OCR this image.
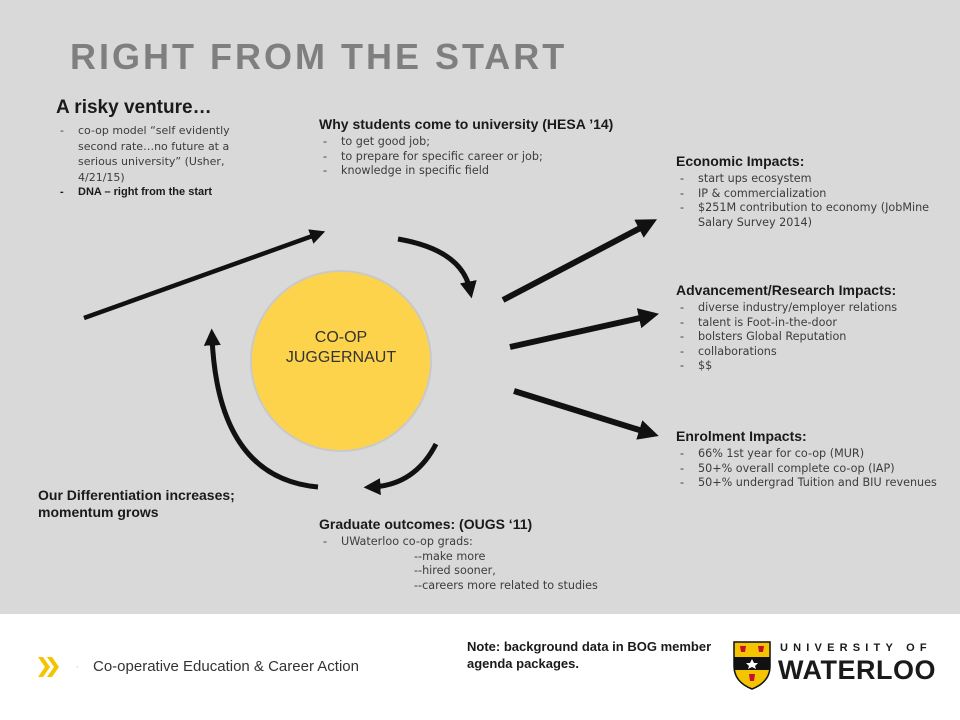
RIGHT FROM THE START
A risky venture…
- co-op model “self evidently second rate…no future at a serious university” (Usher, 4/21/15)
- DNA – right from the start
Why students come to university (HESA ’14)
- to get good job;
- to prepare for specific career or job;
- knowledge in specific field
Economic Impacts:
- start ups ecosystem
- IP & commercialization
- $251M contribution to economy (JobMine Salary Survey 2014)
Advancement/Research Impacts:
- diverse industry/employer relations
- talent is Foot-in-the-door
- bolsters Global Reputation
- collaborations
- $$
Enrolment Impacts:
- 66% 1st year for co-op (MUR)
- 50+% overall complete co-op (IAP)
- 50+% undergrad Tuition and BIU revenues
CO-OP JUGGERNAUT
Our Differentiation increases; momentum grows
Graduate outcomes: (OUGS ‘11)
- UWaterloo co-op grads:
--make more
--hired sooner,
--careers more related to studies
· Co-operative Education & Career Action
Note: background data in BOG member agenda packages.
UNIVERSITY OF
WATERLOO
